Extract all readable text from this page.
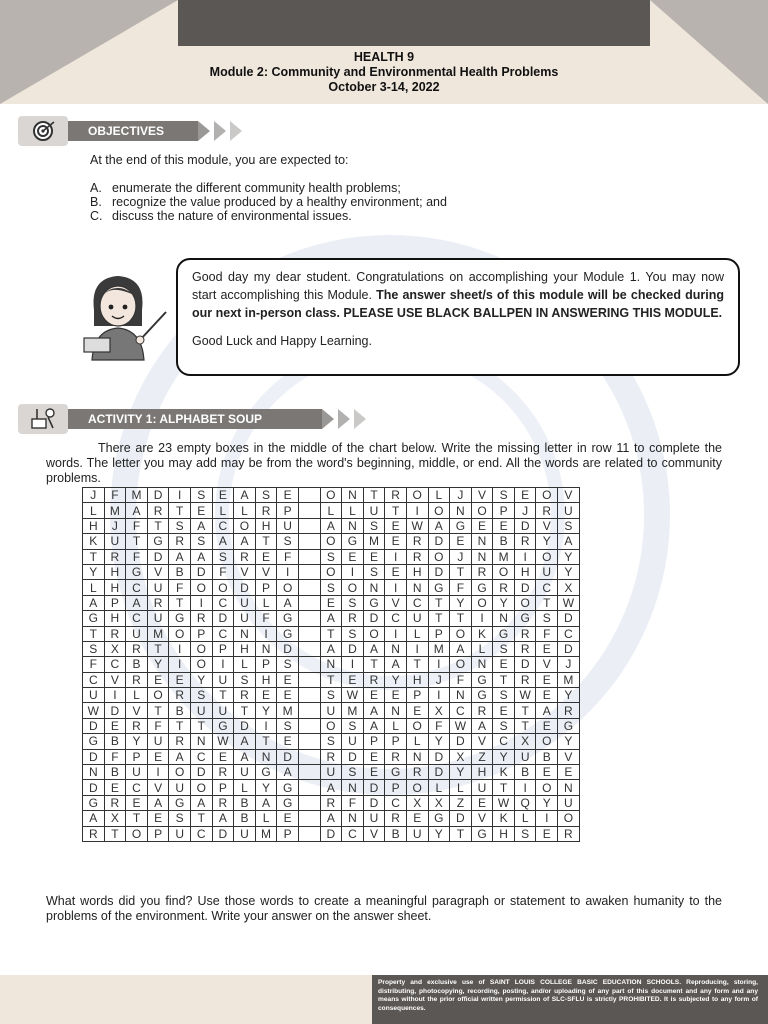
HEALTH 9
Module 2: Community and Environmental Health Problems
October 3-14, 2022
OBJECTIVES
At the end of this module, you are expected to:
A. enumerate the different community health problems;
B. recognize the value produced by a healthy environment; and
C. discuss the nature of environmental issues.

Good day my dear student. Congratulations on accomplishing your Module 1. You may now start accomplishing this Module. The answer sheet/s of this module will be checked during our next in-person class. PLEASE USE BLACK BALLPEN IN ANSWERING THIS MODULE.

Good Luck and Happy Learning.

ACTIVITY 1: ALPHABET SOUP
There are 23 empty boxes in the middle of the chart below. Write the missing letter in row 11 to complete the words. The letter you may add may be from the word's beginning, middle, or end. All the words are related to community problems.
J	F	M	D	I	S	E	A	S	E		O	N	T	R	O	L	J	V	S	E	O	V
L	M	A	R	T	E	L	L	R	P		L	L	U	T	I	O	N	O	P	J	R	U
H	J	F	T	S	A	C	O	H	U		A	N	S	E	W	A	G	E	E	D	V	S
K	U	T	G	R	S	A	A	T	S		O	G	M	E	R	D	E	N	B	R	Y	A
T	R	F	D	A	A	S	R	E	F		S	E	E	I	R	O	J	N	M	I	O	Y
Y	H	G	V	B	D	F	V	V	I		O	I	S	E	H	D	T	R	O	H	U	Y
L	H	C	U	F	O	O	D	P	O		S	O	N	I	N	G	F	G	R	D	C	X
A	P	A	R	T	I	C	U	L	A		E	S	G	V	C	T	Y	O	Y	O	T	W
G	H	C	U	G	R	D	U	F	G		A	R	D	C	U	T	T	I	N	G	S	D
T	R	U	M	O	P	C	N	I	G		T	S	O	I	L	P	O	K	G	R	F	C
S	X	R	T	I	O	P	H	N	D		A	D	A	N	I	M	A	L	S	R	E	D
F	C	B	Y	I	O	I	L	P	S		N	I	T	A	T	I	O	N	E	D	V	J
C	V	R	E	E	Y	U	S	H	E		T	E	R	Y	H	J	F	G	T	R	E	M
U	I	L	O	R	S	T	R	E	E		S	W	E	E	P	I	N	G	S	W	E	Y
W	D	V	T	B	U	U	T	Y	M		U	M	A	N	E	X	C	R	E	T	A	R
D	E	R	F	T	T	G	D	I	S		O	S	A	L	O	F	W	A	S	T	E	G
G	B	Y	U	R	N	W	A	T	E		S	U	P	P	L	Y	D	V	C	X	O	Y
D	F	P	E	A	C	E	A	N	D		R	D	E	R	N	D	X	Z	Y	U	B	V
N	B	U	I	O	D	R	U	G	A		U	S	E	G	R	D	Y	H	K	B	E	E
D	E	C	V	U	O	P	L	Y	G		A	N	D	P	O	L	L	U	T	I	O	N
G	R	E	A	G	A	R	B	A	G		R	F	D	C	X	X	Z	E	W	Q	Y	U
A	X	T	E	S	T	A	B	L	E		A	N	U	R	E	G	D	V	K	L	I	O
R	T	O	P	U	C	D	U	M	P		D	C	V	B	U	Y	T	G	H	S	E	R
What words did you find? Use those words to create a meaningful paragraph or statement to awaken humanity to the problems of the environment. Write your answer on the answer sheet.
Property and exclusive use of SAINT LOUIS COLLEGE BASIC EDUCATION SCHOOLS. Reproducing, storing, distributing, photocopying, recording, posting, and/or uploading of any part of this document and any form and any means without the prior official written permission of SLC-SFLU is strictly PROHIBITED. It is subjected to any form of consequences.
